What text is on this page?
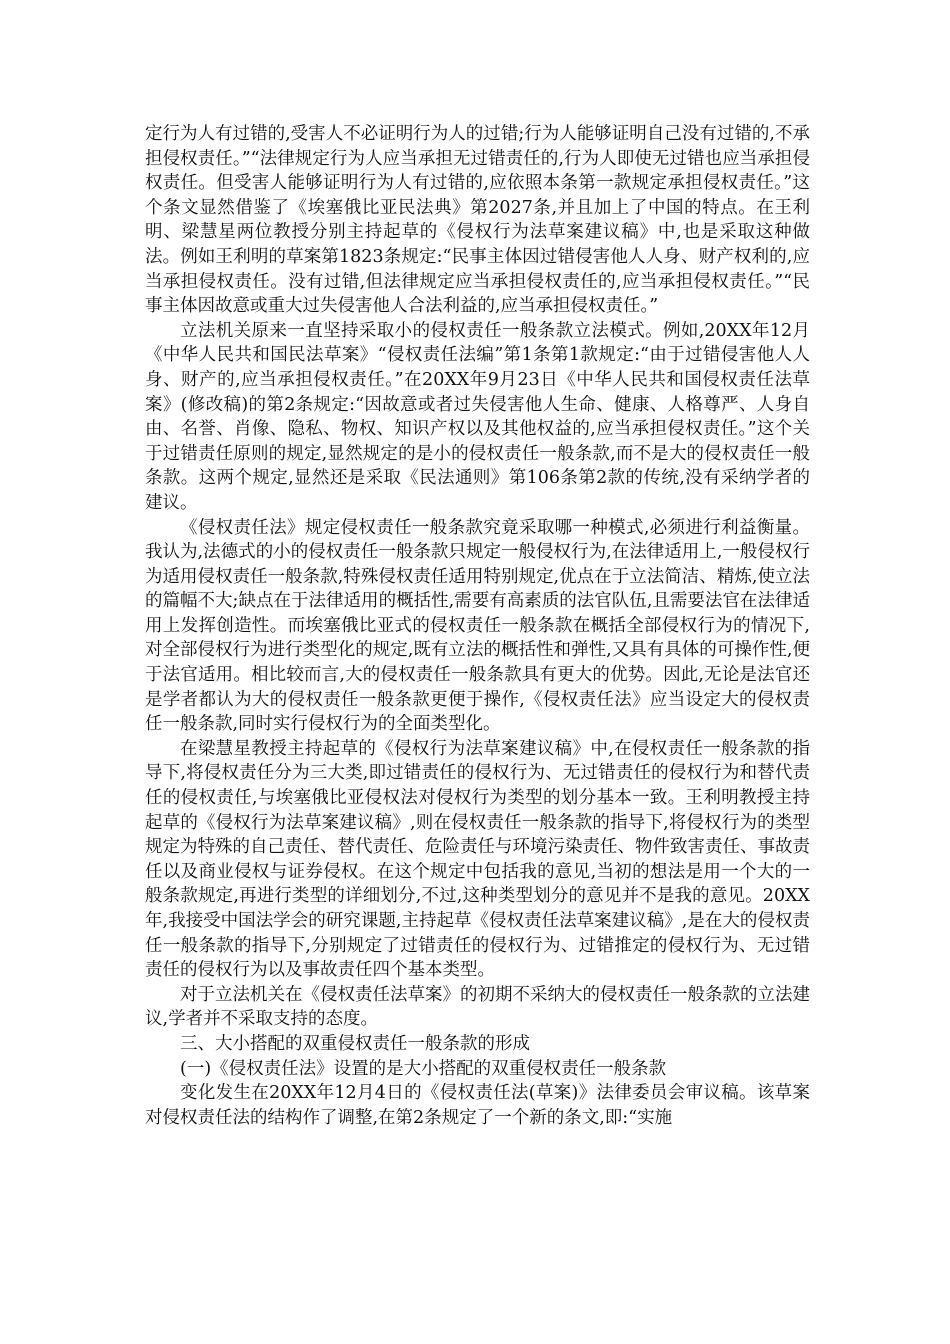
定行为人有过错的,受害人不必证明行为人的过错;行为人能够证明自己没有过错的,不承担侵权责任。”“法律规定行为人应当承担无过错责任的,行为人即使无过错也应当承担侵权责任。但受害人能够证明行为人有过错的,应依照本条第一款规定承担侵权责任。”这个条文显然借鉴了《埃塞俄比亚民法典》第2027条,并且加上了中国的特点。在王利明、梁慧星两位教授分别主持起草的《侵权行为法草案建议稿》中,也是采取这种做法。例如王利明的草案第1823条规定:“民事主体因过错侵害他人人身、财产权利的,应当承担侵权责任。没有过错,但法律规定应当承担侵权责任的,应当承担侵权责任。”“民事主体因故意或重大过失侵害他人合法利益的,应当承担侵权责任。”

立法机关原来一直坚持采取小的侵权责任一般条款立法模式。例如,20XX年12月《中华人民共和国民法草案》“侵权责任法编”第1条第1款规定:“由于过错侵害他人人身、财产的,应当承担侵权责任。”在20XX年9月23日《中华人民共和国侵权责任法草案》(修改稿)的第2条规定:“因故意或者过失侵害他人生命、健康、人格尊严、人身自由、名誉、肖像、隐私、物权、知识产权以及其他权益的,应当承担侵权责任。”这个关于过错责任原则的规定,显然规定的是小的侵权责任一般条款,而不是大的侵权责任一般条款。这两个规定,显然还是采取《民法通则》第106条第2款的传统,没有采纳学者的建议。

《侵权责任法》规定侵权责任一般条款究竟采取哪一种模式,必须进行利益衡量。我认为,法德式的小的侵权责任一般条款只规定一般侵权行为,在法律适用上,一般侵权行为适用侵权责任一般条款,特殊侵权责任适用特别规定,优点在于立法简洁、精炼,使立法的篇幅不大;缺点在于法律适用的概括性,需要有高素质的法官队伍,且需要法官在法律适用上发挥创造性。而埃塞俄比亚式的侵权责任一般条款在概括全部侵权行为的情况下,对全部侵权行为进行类型化的规定,既有立法的概括性和弹性,又具有具体的可操作性,便于法官适用。相比较而言,大的侵权责任一般条款具有更大的优势。因此,无论是法官还是学者都认为大的侵权责任一般条款更便于操作,《侵权责任法》应当设定大的侵权责任一般条款,同时实行侵权行为的全面类型化。

在梁慧星教授主持起草的《侵权行为法草案建议稿》中,在侵权责任一般条款的指导下,将侵权责任分为三大类,即过错责任的侵权行为、无过错责任的侵权行为和替代责任的侵权责任,与埃塞俄比亚侵权法对侵权行为类型的划分基本一致。王利明教授主持起草的《侵权行为法草案建议稿》,则在侵权责任一般条款的指导下,将侵权行为的类型规定为特殊的自己责任、替代责任、危险责任与环境污染责任、物件致害责任、事故责任以及商业侵权与证券侵权。在这个规定中包括我的意见,当初的想法是用一个大的一般条款规定,再进行类型的详细划分,不过,这种类型划分的意见并不是我的意见。20XX年,我接受中国法学会的研究课题,主持起草《侵权责任法草案建议稿》,是在大的侵权责任一般条款的指导下,分别规定了过错责任的侵权行为、过错推定的侵权行为、无过错责任的侵权行为以及事故责任四个基本类型。

对于立法机关在《侵权责任法草案》的初期不采纳大的侵权责任一般条款的立法建议,学者并不采取支持的态度。

三、大小搭配的双重侵权责任一般条款的形成

(一)《侵权责任法》设置的是大小搭配的双重侵权责任一般条款

变化发生在20XX年12月4日的《侵权责任法(草案)》法律委员会审议稿。该草案对侵权责任法的结构作了调整,在第2条规定了一个新的条文,即:“实施
